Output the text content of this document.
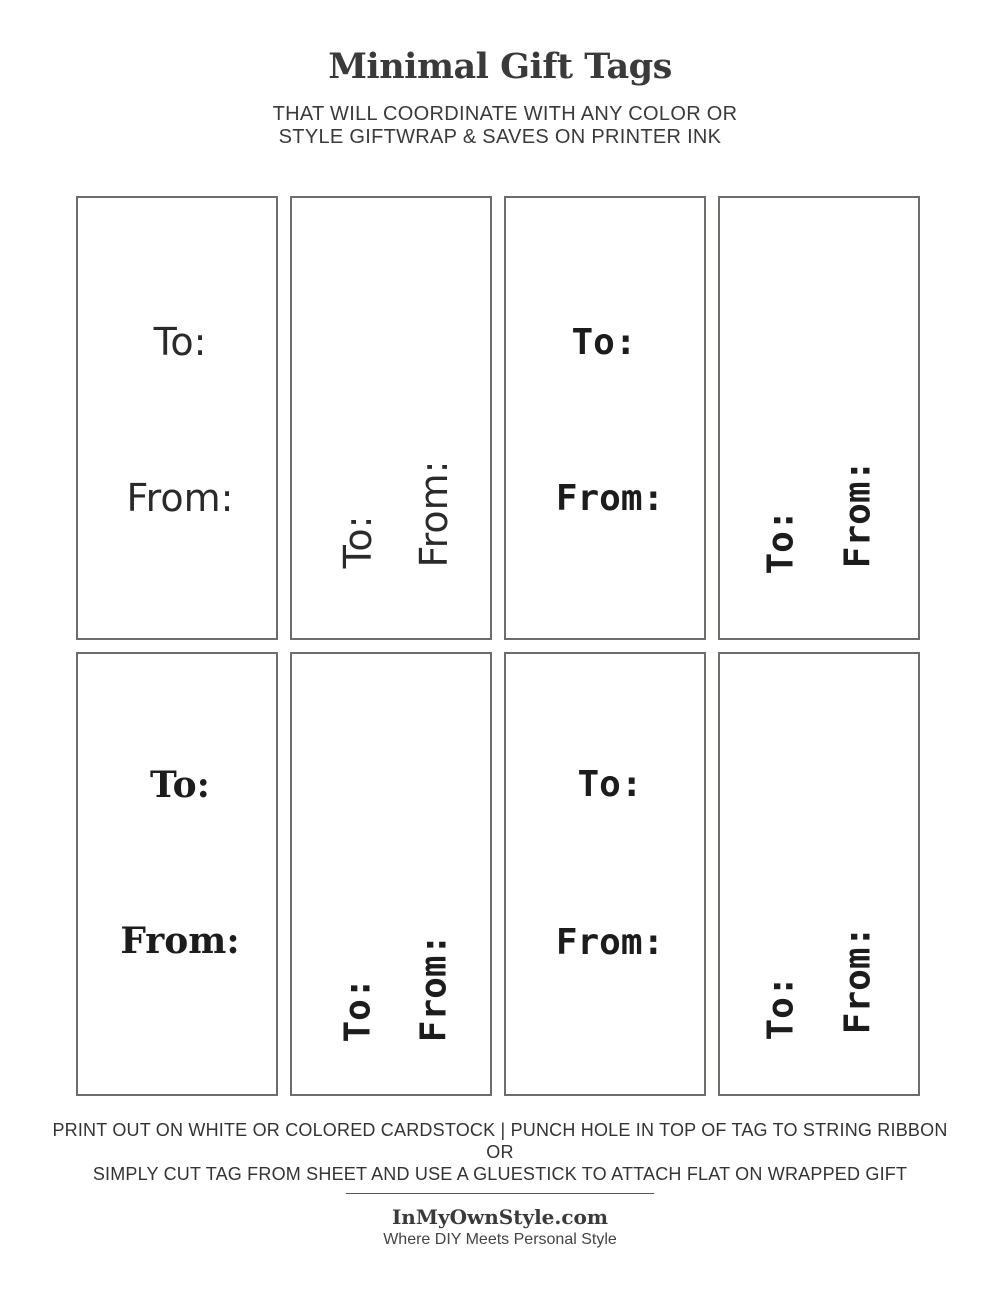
Minimal Gift Tags
THAT WILL COORDINATE WITH ANY COLOR OR
STYLE GIFTWRAP & SAVES ON PRINTER INK
To:
From:
To: From:
To:
From:
To: From:
To:
From:
To: From:
To:
From:
To: From:
PRINT OUT ON WHITE OR COLORED CARDSTOCK | PUNCH HOLE IN TOP OF TAG TO STRING RIBBON
OR
SIMPLY CUT TAG FROM SHEET AND USE A GLUESTICK TO ATTACH FLAT ON WRAPPED GIFT
InMyOwnStyle.com
Where DIY Meets Personal Style
